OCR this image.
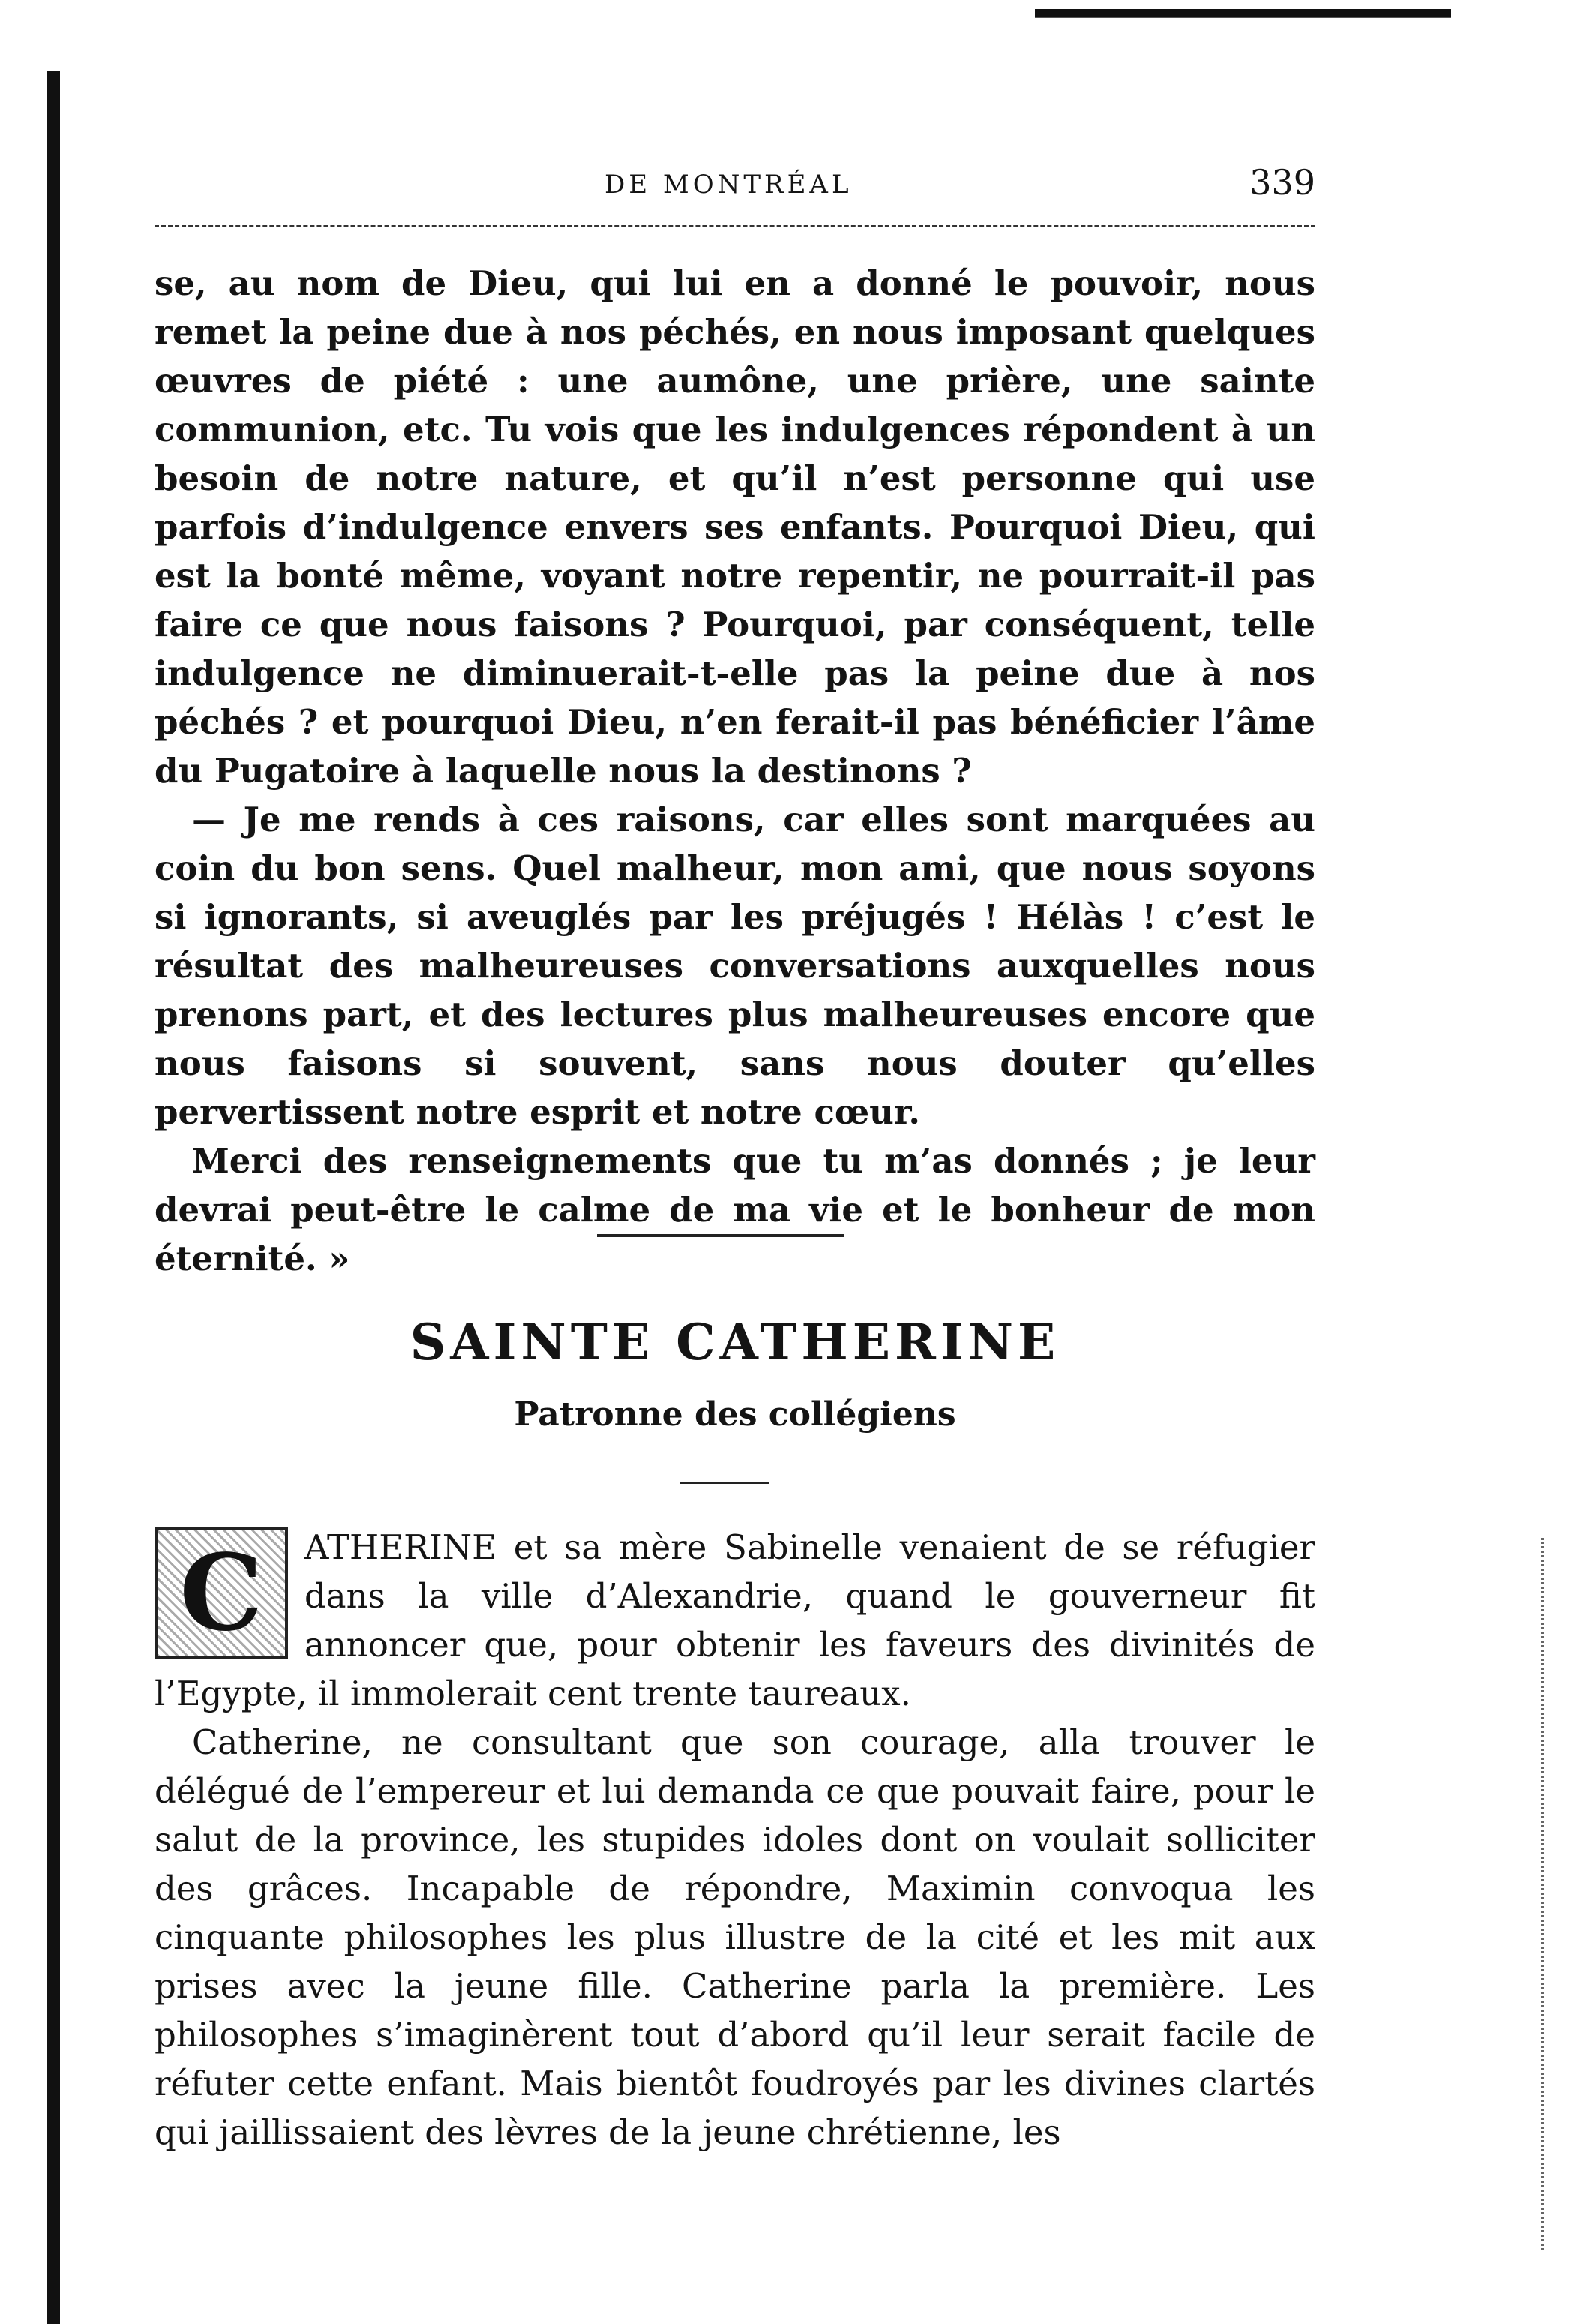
DE MONTRÉAL	339

se, au nom de Dieu, qui lui en a donné le pouvoir, nous remet la peine due à nos péchés, en nous imposant quelques œuvres de piété : une aumône, une prière, une sainte communion, etc. Tu vois que les indulgences répondent à un besoin de notre nature, et qu’il n’est personne qui use parfois d’indulgence envers ses enfants. Pourquoi Dieu, qui est la bonté même, voyant notre repentir, ne pourrait-il pas faire ce que nous faisons ? Pourquoi, par conséquent, telle indulgence ne diminuerait-t-elle pas la peine due à nos péchés ? et pourquoi Dieu, n’en ferait-il pas bénéficier l’âme du Pugatoire à laquelle nous la destinons ?

— Je me rends à ces raisons, car elles sont marquées au coin du bon sens. Quel malheur, mon ami, que nous soyons si ignorants, si aveuglés par les préjugés ! Hélàs ! c’est le résultat des malheureuses conversations auxquelles nous prenons part, et des lectures plus malheureuses encore que nous faisons si souvent, sans nous douter qu’elles pervertissent notre esprit et notre cœur.

Merci des renseignements que tu m’as donnés ; je leur devrai peut-être le calme de ma vie et le bonheur de mon éternité. »

SAINTE CATHERINE
Patronne des collégiens

C	ATHERINE et sa mère Sabinelle venaient de se réfugier dans la ville d’Alexandrie, quand le gouverneur fit annoncer que, pour obtenir les faveurs des divinités de l’Egypte, il immolerait cent trente taureaux.

Catherine, ne consultant que son courage, alla trouver le délégué de l’empereur et lui demanda ce que pouvait faire, pour le salut de la province, les stupides idoles dont on voulait solliciter des grâces. Incapable de répondre, Maximin convoqua les cinquante philosophes les plus illustre de la cité et les mit aux prises avec la jeune fille. Catherine parla la première. Les philosophes s’imaginèrent tout d’abord qu’il leur serait facile de réfuter cette enfant. Mais bientôt foudroyés par les divines clartés qui jaillissaient des lèvres de la jeune chrétienne, les
